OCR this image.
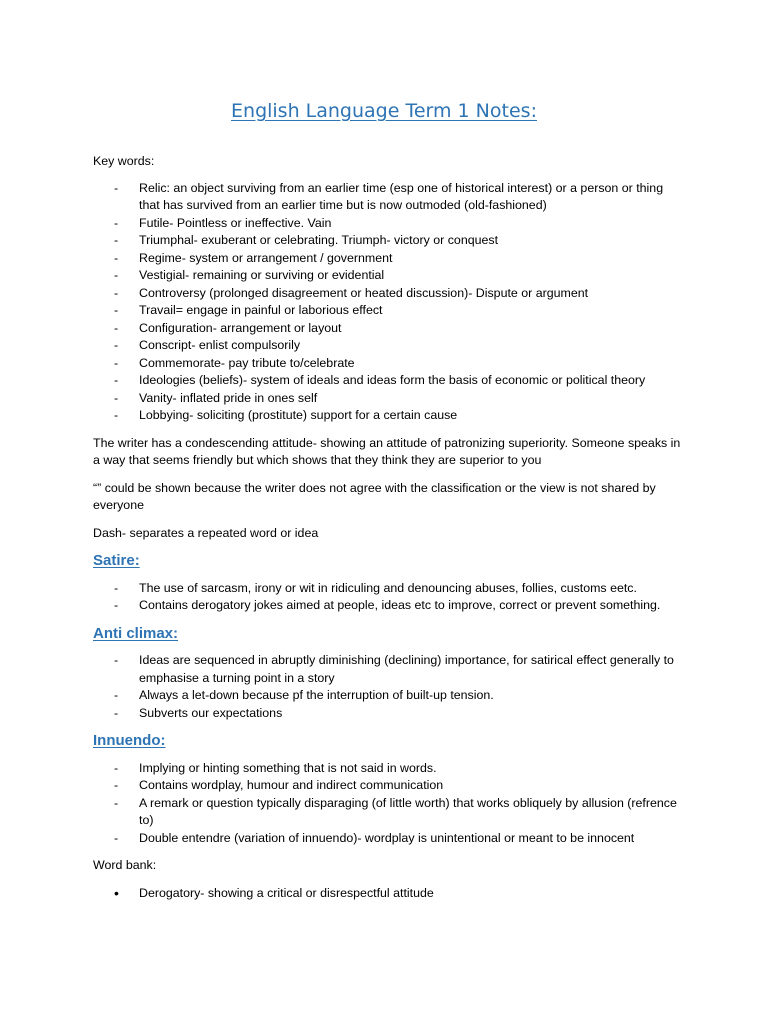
English Language Term 1 Notes:

Key words:

- Relic: an object surviving from an earlier time (esp one of historical interest) or a person or thing that has survived from an earlier time but is now outmoded (old-fashioned)
- Futile- Pointless or ineffective. Vain
- Triumphal- exuberant or celebrating. Triumph- victory or conquest
- Regime- system or arrangement / government
- Vestigial- remaining or surviving or evidential
- Controversy (prolonged disagreement or heated discussion)- Dispute or argument
- Travail= engage in painful or laborious effect
- Configuration- arrangement or layout
- Conscript- enlist compulsorily
- Commemorate- pay tribute to/celebrate
- Ideologies (beliefs)- system of ideals and ideas form the basis of economic or political theory
- Vanity- inflated pride in ones self
- Lobbying- soliciting (prostitute) support for a certain cause

The writer has a condescending attitude- showing an attitude of patronizing superiority. Someone speaks in a way that seems friendly but which shows that they think they are superior to you

“” could be shown because the writer does not agree with the classification or the view is not shared by everyone

Dash- separates a repeated word or idea

Satire:
- The use of sarcasm, irony or wit in ridiculing and denouncing abuses, follies, customs eetc.
- Contains derogatory jokes aimed at people, ideas etc to improve, correct or prevent something.
Anti climax:
- Ideas are sequenced in abruptly diminishing (declining) importance, for satirical effect generally to emphasise a turning point in a story
- Always a let-down because pf the interruption of built-up tension.
- Subverts our expectations
Innuendo:
- Implying or hinting something that is not said in words.
- Contains wordplay, humour and indirect communication
- A remark or question typically disparaging (of little worth) that works obliquely by allusion (refrence to)
- Double entendre (variation of innuendo)- wordplay is unintentional or meant to be innocent

Word bank:

• Derogatory- showing a critical or disrespectful attitude
